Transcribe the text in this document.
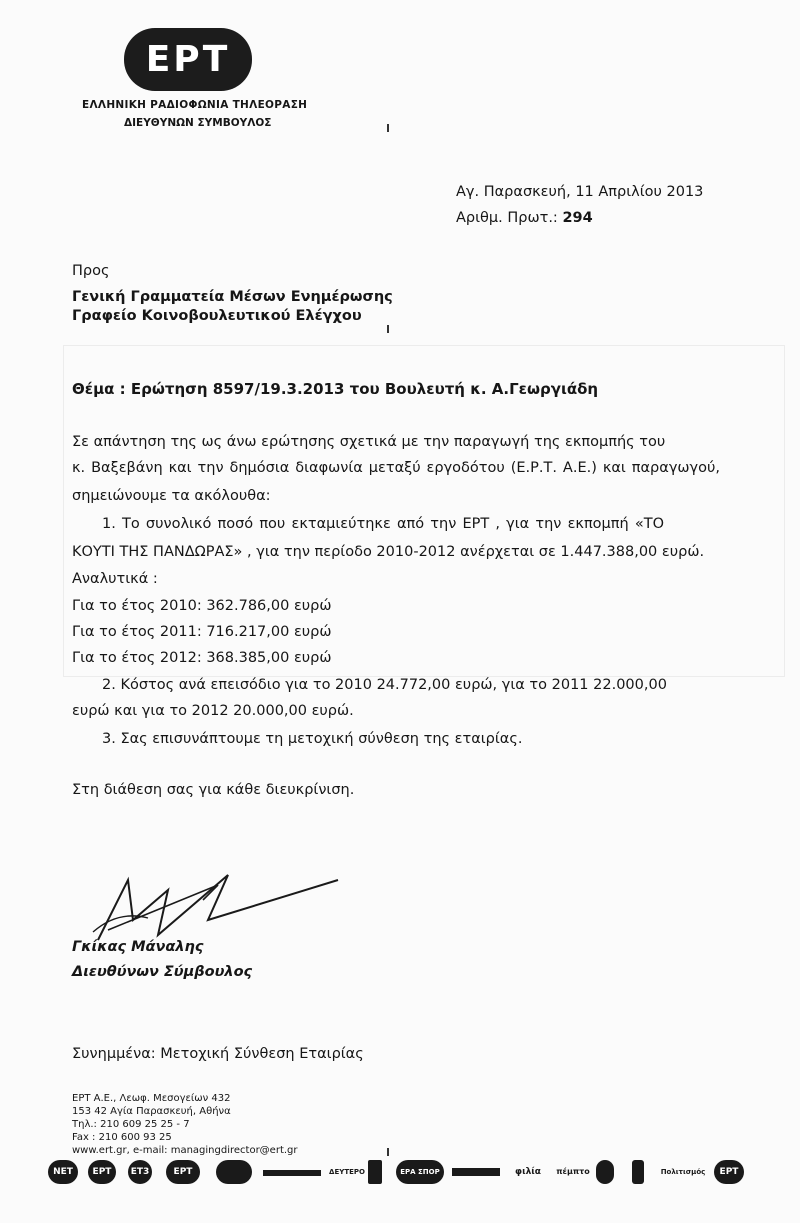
ΕΡΤ
ΕΛΛΗΝΙΚΗ ΡΑΔΙΟΦΩΝΙΑ ΤΗΛΕΟΡΑΣΗ
ΔΙΕΥΘΥΝΩΝ ΣΥΜΒΟΥΛΟΣ
Αγ. Παρασκευή, 11 Απριλίου 2013
Αριθμ. Πρωτ.: 294
Προς
Γενική Γραμματεία Μέσων Ενημέρωσης
Γραφείο Κοινοβουλευτικού Ελέγχου
Θέμα : Ερώτηση 8597/19.3.2013 του Βουλευτή κ. Α.Γεωργιάδη
Σε απάντηση της ως άνω ερώτησης σχετικά με την παραγωγή της εκπομπής του
κ. Βαξεβάνη και την δημόσια διαφωνία μεταξύ εργοδότου (Ε.Ρ.Τ. Α.Ε.) και παραγωγού,
σημειώνουμε τα ακόλουθα:
1. Το συνολικό ποσό που εκταμιεύτηκε από την ΕΡΤ , για την εκπομπή «ΤΟ
ΚΟΥΤΙ ΤΗΣ ΠΑΝΔΩΡΑΣ» , για την περίοδο 2010-2012 ανέρχεται σε 1.447.388,00 ευρώ.
Αναλυτικά :
Για το έτος 2010: 362.786,00 ευρώ
Για το έτος 2011: 716.217,00 ευρώ
Για το έτος 2012: 368.385,00 ευρώ
2. Κόστος ανά επεισόδιο για το 2010 24.772,00 ευρώ, για το 2011 22.000,00
ευρώ και για το 2012 20.000,00 ευρώ.
3. Σας επισυνάπτουμε τη μετοχική σύνθεση της εταιρίας.
Στη διάθεση σας για κάθε διευκρίνιση.
Γκίκας Μάναλης
Διευθύνων Σύμβουλος
Συνημμένα: Μετοχική Σύνθεση Εταιρίας
ΕΡΤ Α.Ε., Λεωφ. Μεσογείων 432
153 42 Αγία Παρασκευή, Αθήνα
Τηλ.: 210 609 25 25 - 7
Fax : 210 600 93 25
www.ert.gr, e-mail: managingdirector@ert.gr
ΝΕΤ	ΕΡΤ	ΕΤ3	ΕΡΤ	ΔΕΥΤΕΡΟ	ΕΡΑ ΣΠΟΡ	φιλία	πέμπτο	Πολιτισμός	ΕΡΤ
